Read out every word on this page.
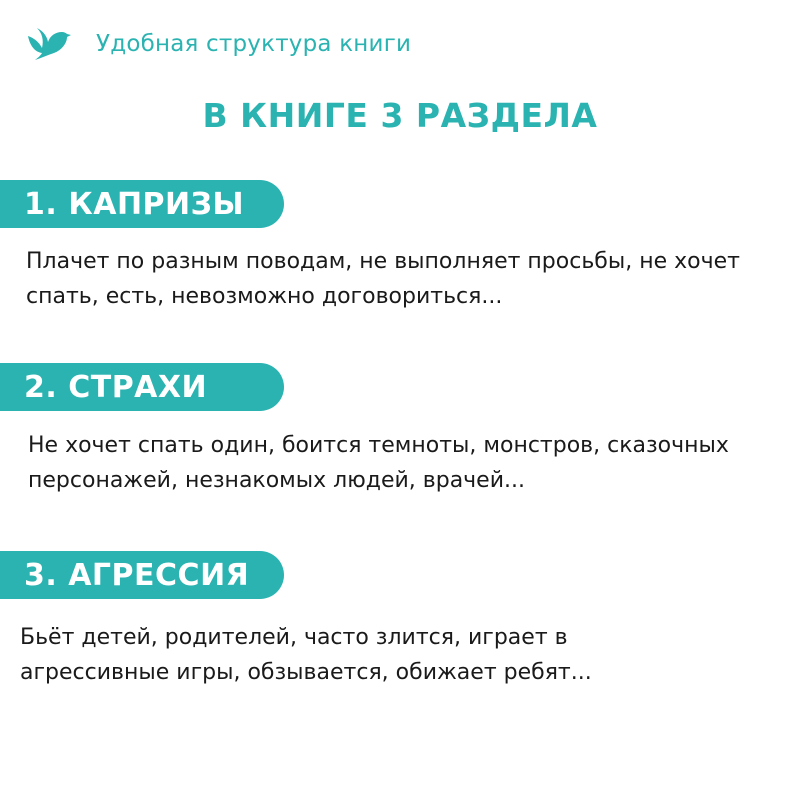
Удобная структура книги
В КНИГЕ 3 РАЗДЕЛА
1. КАПРИЗЫ
Плачет по разным поводам, не выполняет просьбы, не хочет спать, есть, невозможно договориться...
2. СТРАХИ
Не хочет спать один, боится темноты, монстров, сказочных персонажей, незнакомых людей, врачей...
3. АГРЕССИЯ
Бьёт детей, родителей, часто злится, играет в агрессивные игры, обзывается, обижает ребят...
